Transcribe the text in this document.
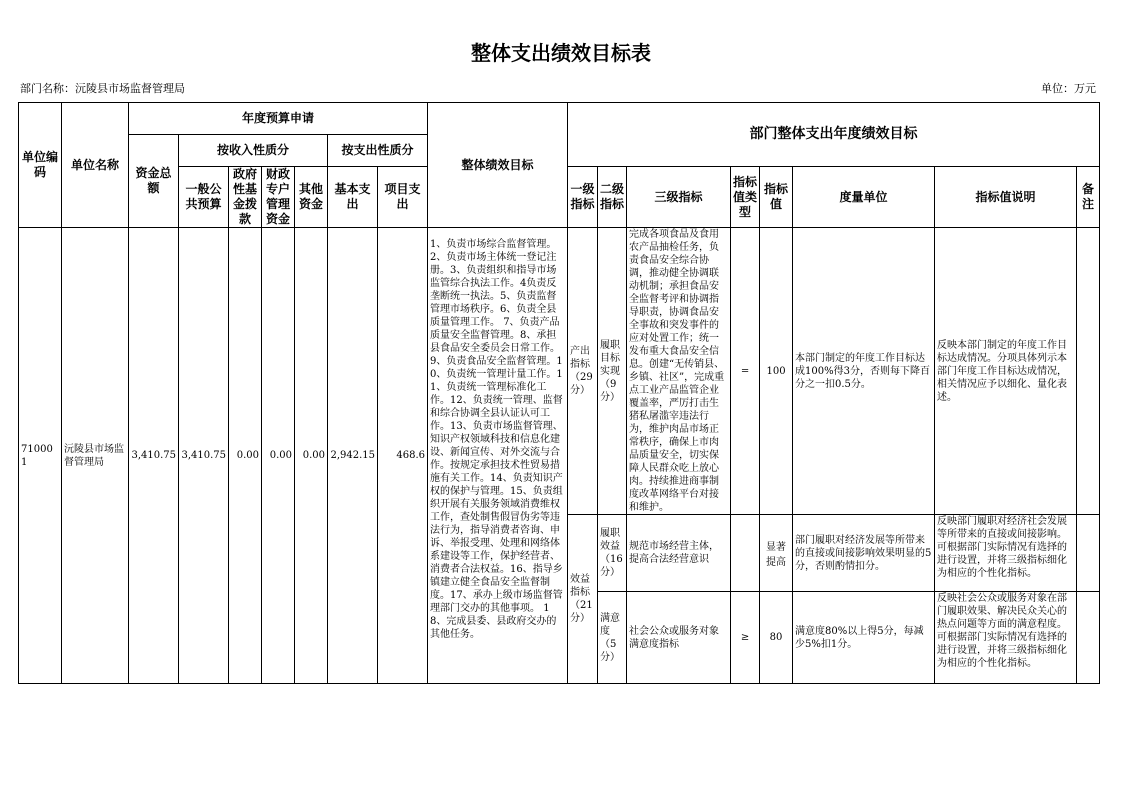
整体支出绩效目标表
部门名称：沅陵县市场监督管理局	单位：万元
单位编码	单位名称	年度预算申请							整体绩效目标	部门整体支出年度绩效目标							
		资金总额	按收入性质分				按支出性质分										
			一般公共预算	政府性基金拨款	财政专户管理资金	其他资金	基本支出	项目支出		一级指标	二级指标	三级指标	指标值类型	指标值	度量单位	指标值说明	备注

710001	沅陵县市场监督管理局	3,410.75	3,410.75	0.00	0.00	0.00	2,942.15	468.6	1、负责市场综合监督管理。2、负责市场主体统一登记注册。3、负责组织和指导市场监管综合执法工作。4负责反垄断统一执法。5、负责监督管理市场秩序。6、负责全县质量管理工作。 7、负责产品质量安全监督管理。8、承担县食品安全委员会日常工作。9、负责食品安全监督管理。10、负责统一管理计量工作。11、负责统一管理标准化工作。12、负责统一管理、监督和综合协调全县认证认可工作。13、负责市场监督管理、知识产权领域科技和信息化建设、新闻宣传、对外交流与合作。按规定承担技术性贸易措施有关工作。14、负责知识产权的保护与管理。15、负责组织开展有关服务领域消费维权工作，查处制售假冒伪劣等违法行为，指导消费者咨询、申诉、举报受理、处理和网络体系建设等工作，保护经营者、消费者合法权益。16、指导乡镇建立健全食品安全监督制度。17、承办上级市场监督管理部门交办的其他事项。 18、完成县委、县政府交办的其他任务。	产出指标（29分）	履职目标实现（9分）	完成各项食品及食用农产品抽检任务，负责食品安全综合协调，推动健全协调联动机制；承担食品安全监督考评和协调指导职责，协调食品安全事故和突发事件的应对处置工作；统一发布重大食品安全信息。创建“无传销县、乡镇、社区”，完成重点工业产品监管企业覆盖率，严厉打击生猪私屠滥宰违法行为，维护肉品市场正常秩序，确保上市肉品质量安全，切实保障人民群众吃上放心肉。持续推进商事制度改革网络平台对接和维护。	=	100	本部门制定的年度工作目标达成100%得3分，否则每下降百分之一扣0.5分。	反映本部门制定的年度工作目标达成情况。分项具体列示本部门年度工作目标达成情况，相关情况应予以细化、量化表述。	
										效益指标（21分）	履职效益（16分）	规范市场经营主体，提高合法经营意识		显著提高	部门履职对经济发展等所带来的直接或间接影响效果明显的5分，否则酌情扣分。	反映部门履职对经济社会发展等所带来的直接或间接影响。可根据部门实际情况有选择的进行设置，并将三级指标细化为相应的个性化指标。	

											满意度（5分）	社会公众或服务对象满意度指标	≥	80	满意度80%以上得5分，每减少5%扣1分。	反映社会公众或服务对象在部门履职效果、解决民众关心的热点问题等方面的满意程度。可根据部门实际情况有选择的进行设置，并将三级指标细化为相应的个性化指标。	
